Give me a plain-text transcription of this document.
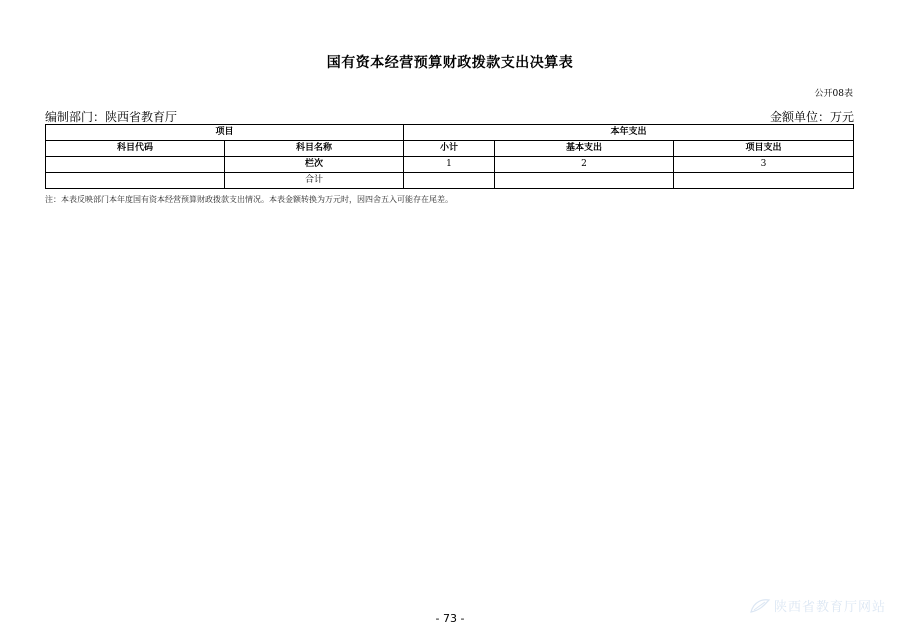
国有资本经营预算财政拨款支出决算表
公开08表
编制部门：陕西省教育厅	金额单位：万元
项目		本年支出		
科目代码	科目名称	小计	基本支出	项目支出
	栏次	1	2	3
	合计			
注：本表反映部门本年度国有资本经营预算财政拨款支出情况。本表金额转换为万元时，因四舍五入可能存在尾差。
- 73 -
陕西省教育厅网站
